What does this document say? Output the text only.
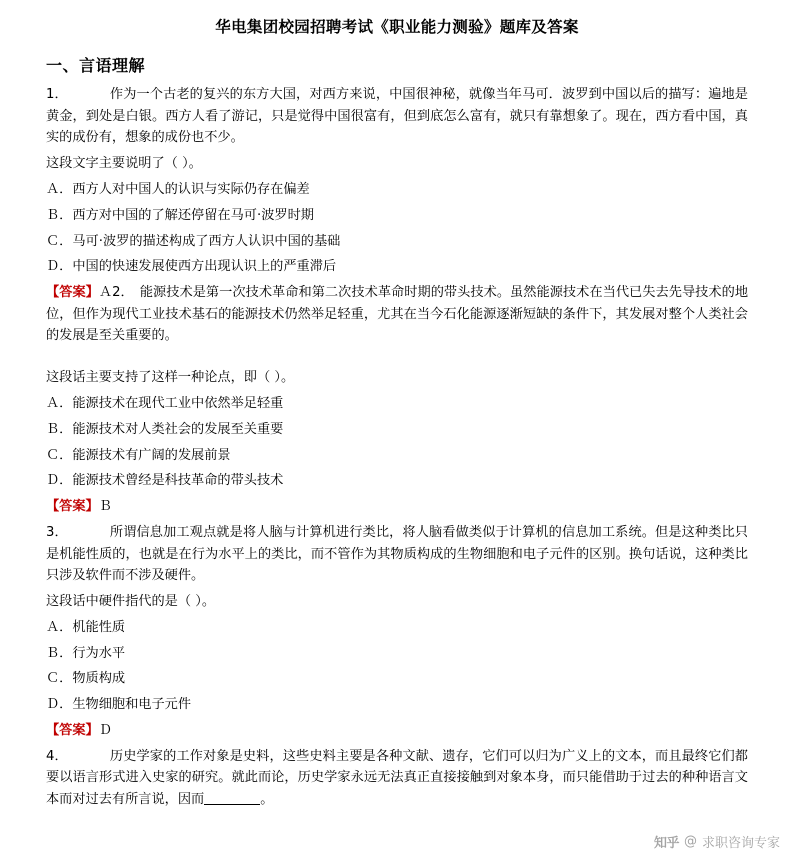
华电集团校园招聘考试《职业能力测验》题库及答案
一、言语理解

1．	作为一个古老的复兴的东方大国，对西方来说，中国很神秘，就像当年马可．波罗到中国以后的描写：遍地是黄金，到处是白银。西方人看了游记，只是觉得中国很富有，但到底怎么富有，就只有靠想象了。现在，西方看中国，真实的成份有，想象的成份也不少。

这段文字主要说明了（ ）。

Ａ．西方人对中国人的认识与实际仍存在偏差

Ｂ．西方对中国的了解还停留在马可·波罗时期

Ｃ．马可·波罗的描述构成了西方人认识中国的基础

Ｄ．中国的快速发展使西方出现认识上的严重滞后

【答案】Ａ2． 能源技术是第一次技术革命和第二次技术革命时期的带头技术。虽然能源技术在当代已失去先导技术的地位，但作为现代工业技术基石的能源技术仍然举足轻重，尤其在当今石化能源逐渐短缺的条件下，其发展对整个人类社会的发展是至关重要的。

这段话主要支持了这样一种论点，即（ ）。

Ａ．能源技术在现代工业中依然举足轻重

Ｂ．能源技术对人类社会的发展至关重要

Ｃ．能源技术有广阔的发展前景

Ｄ．能源技术曾经是科技革命的带头技术

【答案】Ｂ

3．	所谓信息加工观点就是将人脑与计算机进行类比，将人脑看做类似于计算机的信息加工系统。但是这种类比只是机能性质的，也就是在行为水平上的类比，而不管作为其物质构成的生物细胞和电子元件的区别。换句话说，这种类比只涉及软件而不涉及硬件。

这段话中硬件指代的是（ ）。

Ａ．机能性质

Ｂ．行为水平

Ｃ．物质构成

Ｄ．生物细胞和电子元件

【答案】Ｄ

4．	历史学家的工作对象是史料，这些史料主要是各种文献、遗存，它们可以归为广义上的文本，而且最终它们都要以语言形式进入史家的研究。就此而论，历史学家永远无法真正直接接触到对象本身，而只能借助于过去的种种语言文本而对过去有所言说，因而	。

知乎 @ 求职咨询专家
